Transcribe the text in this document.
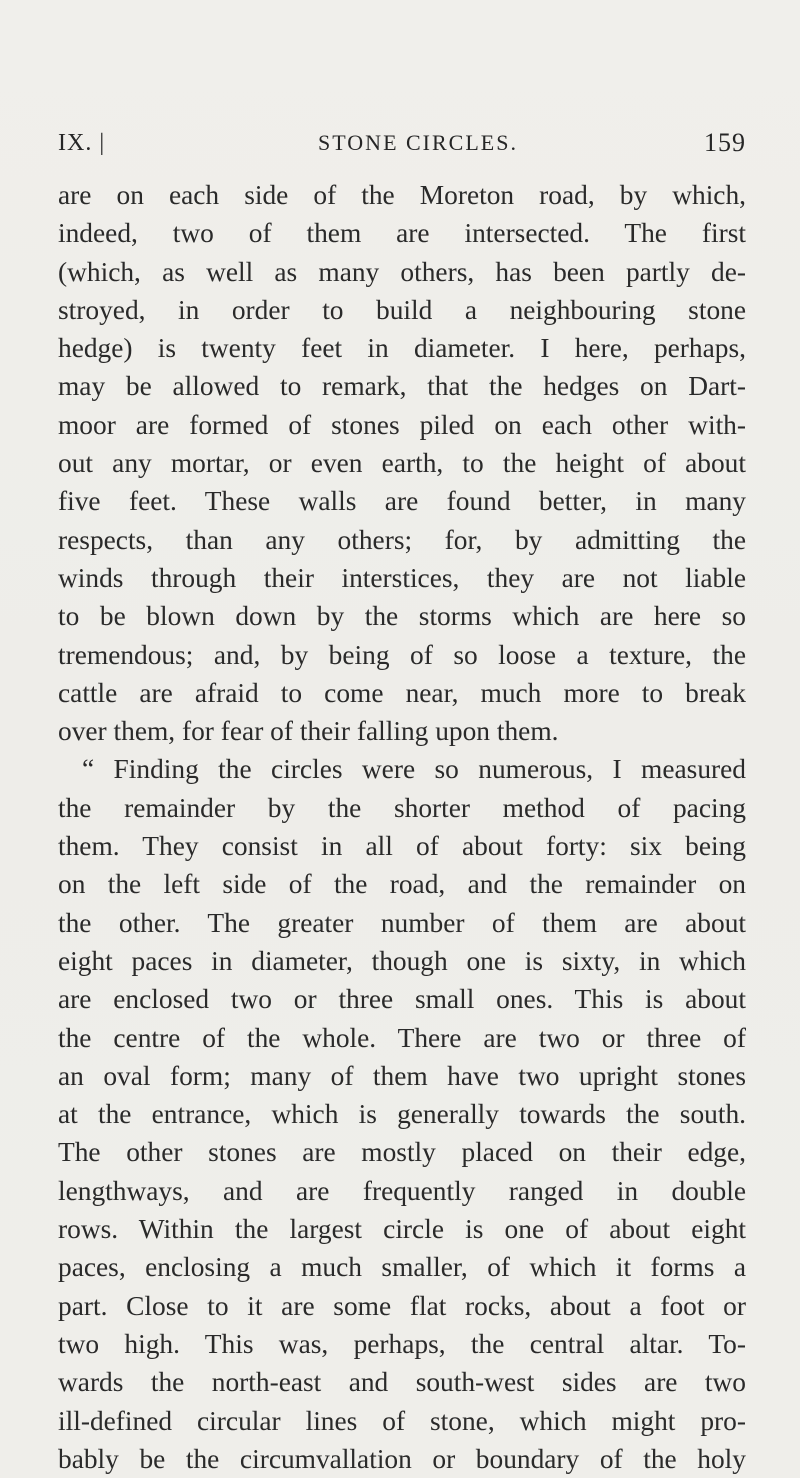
IX. |	STONE CIRCLES.	159
are on each side of the Moreton road, by which,
indeed, two of them are intersected. The first
(which, as well as many others, has been partly de-
stroyed, in order to build a neighbouring stone
hedge) is twenty feet in diameter. I here, perhaps,
may be allowed to remark, that the hedges on Dart-
moor are formed of stones piled on each other with-
out any mortar, or even earth, to the height of about
five feet. These walls are found better, in many
respects, than any others; for, by admitting the
winds through their interstices, they are not liable
to be blown down by the storms which are here so
tremendous; and, by being of so loose a texture, the
cattle are afraid to come near, much more to break
over them, for fear of their falling upon them.
“ Finding the circles were so numerous, I measured
the remainder by the shorter method of pacing
them. They consist in all of about forty: six being
on the left side of the road, and the remainder on
the other. The greater number of them are about
eight paces in diameter, though one is sixty, in which
are enclosed two or three small ones. This is about
the centre of the whole. There are two or three of
an oval form; many of them have two upright stones
at the entrance, which is generally towards the south.
The other stones are mostly placed on their edge,
lengthways, and are frequently ranged in double
rows. Within the largest circle is one of about eight
paces, enclosing a much smaller, of which it forms a
part. Close to it are some flat rocks, about a foot or
two high. This was, perhaps, the central altar. To-
wards the north-east and south-west sides are two
ill-defined circular lines of stone, which might pro-
bably be the circumvallation or boundary of the holy
